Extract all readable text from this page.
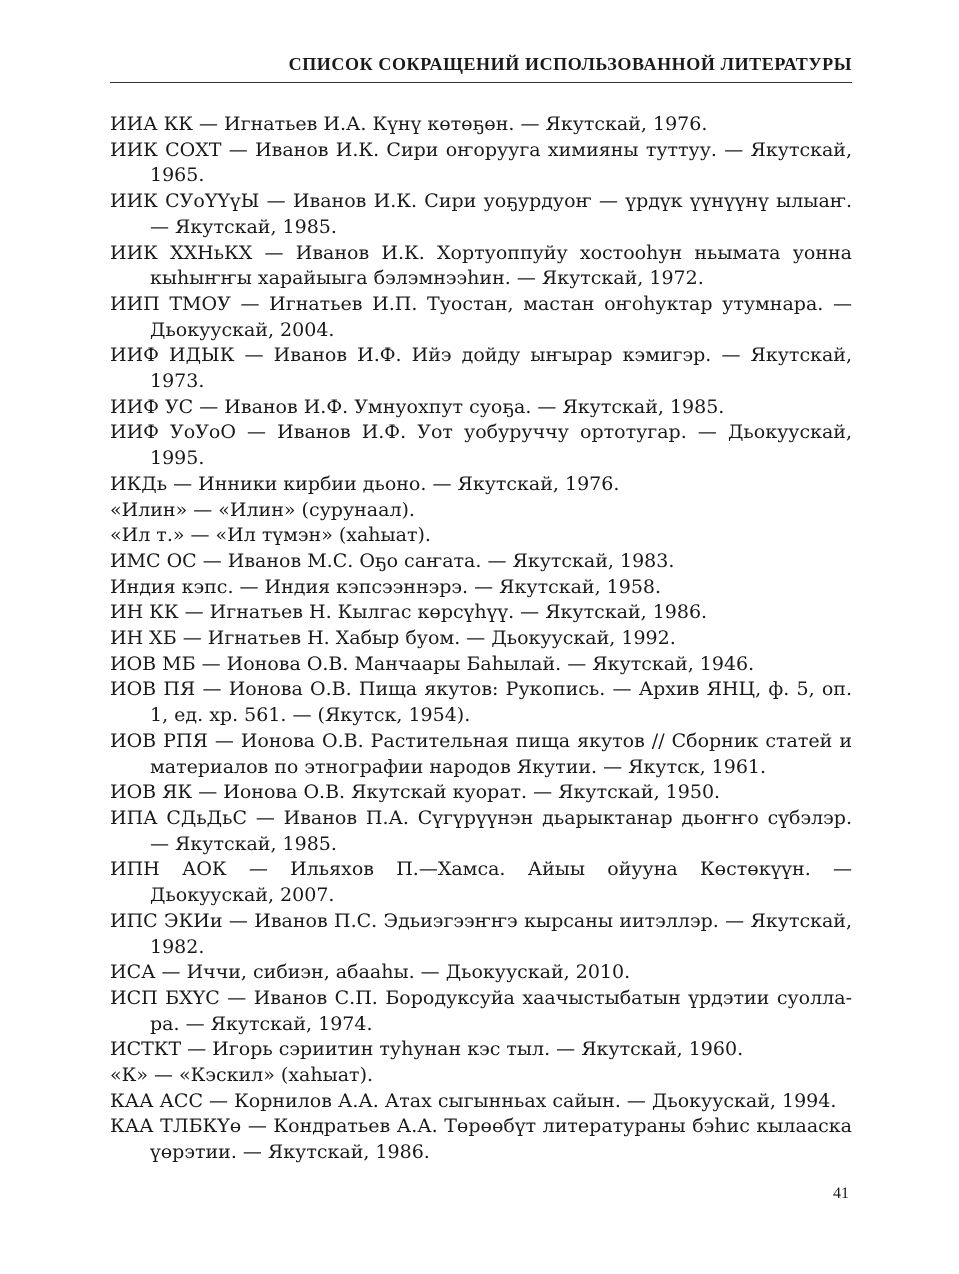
СПИСОК СОКРАЩЕНИЙ ИСПОЛЬЗОВАННОЙ ЛИТЕРАТУРЫ
ИИА КК — Игнатьев И.А. Күнү көтөҕөн. — Якутскай, 1976.
ИИК СОХТ — Иванов И.К. Сири оҥоруугa химияны туттуу. — Якутскай, 1965.
ИИК СУоҮҮүЫ — Иванов И.К. Сири уоҕурдуоҥ — үрдүк үүнүүнү ылыаҥ. — Якутскай, 1985.
ИИК ХХНьКХ — Иванов И.К. Хортуоппуйу хостооһун ньымата уонна кыһыҥҥы харайыыга бэлэмнээһин. — Якутскай, 1972.
ИИП ТМОУ — Игнатьев И.П. Туостан, мастан оҥоһуктар утумнара. — Дьокуускай, 2004.
ИИФ ИДЫК — Иванов И.Ф. Ийэ дойду ыҥырар кэмигэр. — Якутскай, 1973.
ИИФ УС — Иванов И.Ф. Умнуохпут суоҕа. — Якутскай, 1985.
ИИФ УоУоО — Иванов И.Ф. Уот уобуруччу ортотугар. — Дьокуускай, 1995.
ИКДь — Инники кирбии дьоно. — Якутскай, 1976.
«Илин» — «Илин» (сурунаал).
«Ил т.» — «Ил түмэн» (хаһыат).
ИМС ОС — Иванов М.С. Оҕо саҥата. — Якутскай, 1983.
Индия кэпс. — Индия кэпсээннэрэ. — Якутскай, 1958.
ИН КК — Игнатьев Н. Кылгас көрсүһүү. — Якутскай, 1986.
ИН ХБ — Игнатьев Н. Хабыр буом. — Дьокуускай, 1992.
ИОВ МБ — Ионова О.В. Манчаары Баһылай. — Якутскай, 1946.
ИОВ ПЯ — Ионова О.В. Пища якутов: Рукопись. — Архив ЯНЦ, ф. 5, оп. 1, ед. хр. 561. — (Якутск, 1954).
ИОВ РПЯ — Ионова О.В. Растительная пища якутов // Сборник статей и материалов по этнографии народов Якутии. — Якутск, 1961.
ИОВ ЯК — Ионова О.В. Якутскай куорат. — Якутскай, 1950.
ИПА СДьДьС — Иванов П.А. Сүгүрүүнэн дьарыктанар дьоҥҥо сүбэлэр. — Якутскай, 1985.
ИПН АОК — Ильяхов П.—Хамса. Айыы ойууна Көстөкүүн. — Дьокуускай, 2007.
ИПС ЭКИи — Иванов П.С. Эдьиэгээҥҥэ кырсаны иитэллэр. — Якутскай, 1982.
ИСА — Иччи, сибиэн, абааһы. — Дьокуускай, 2010.
ИСП БХҮС — Иванов С.П. Бородуксуйа хаачыстыбатын үрдэтии суолла-ра. — Якутскай, 1974.
ИСТКТ — Игорь сэриитин туһунан кэс тыл. — Якутскай, 1960.
«К» — «Кэскил» (хаһыат).
КАА АСС — Корнилов А.А. Атах сыгынньах сайын. — Дьокуускай, 1994.
КАА ТЛБКҮө — Кондратьев А.А. Төрөөбүт литературaны бэһис кылааска үөрэтии. — Якутскай, 1986.
41
